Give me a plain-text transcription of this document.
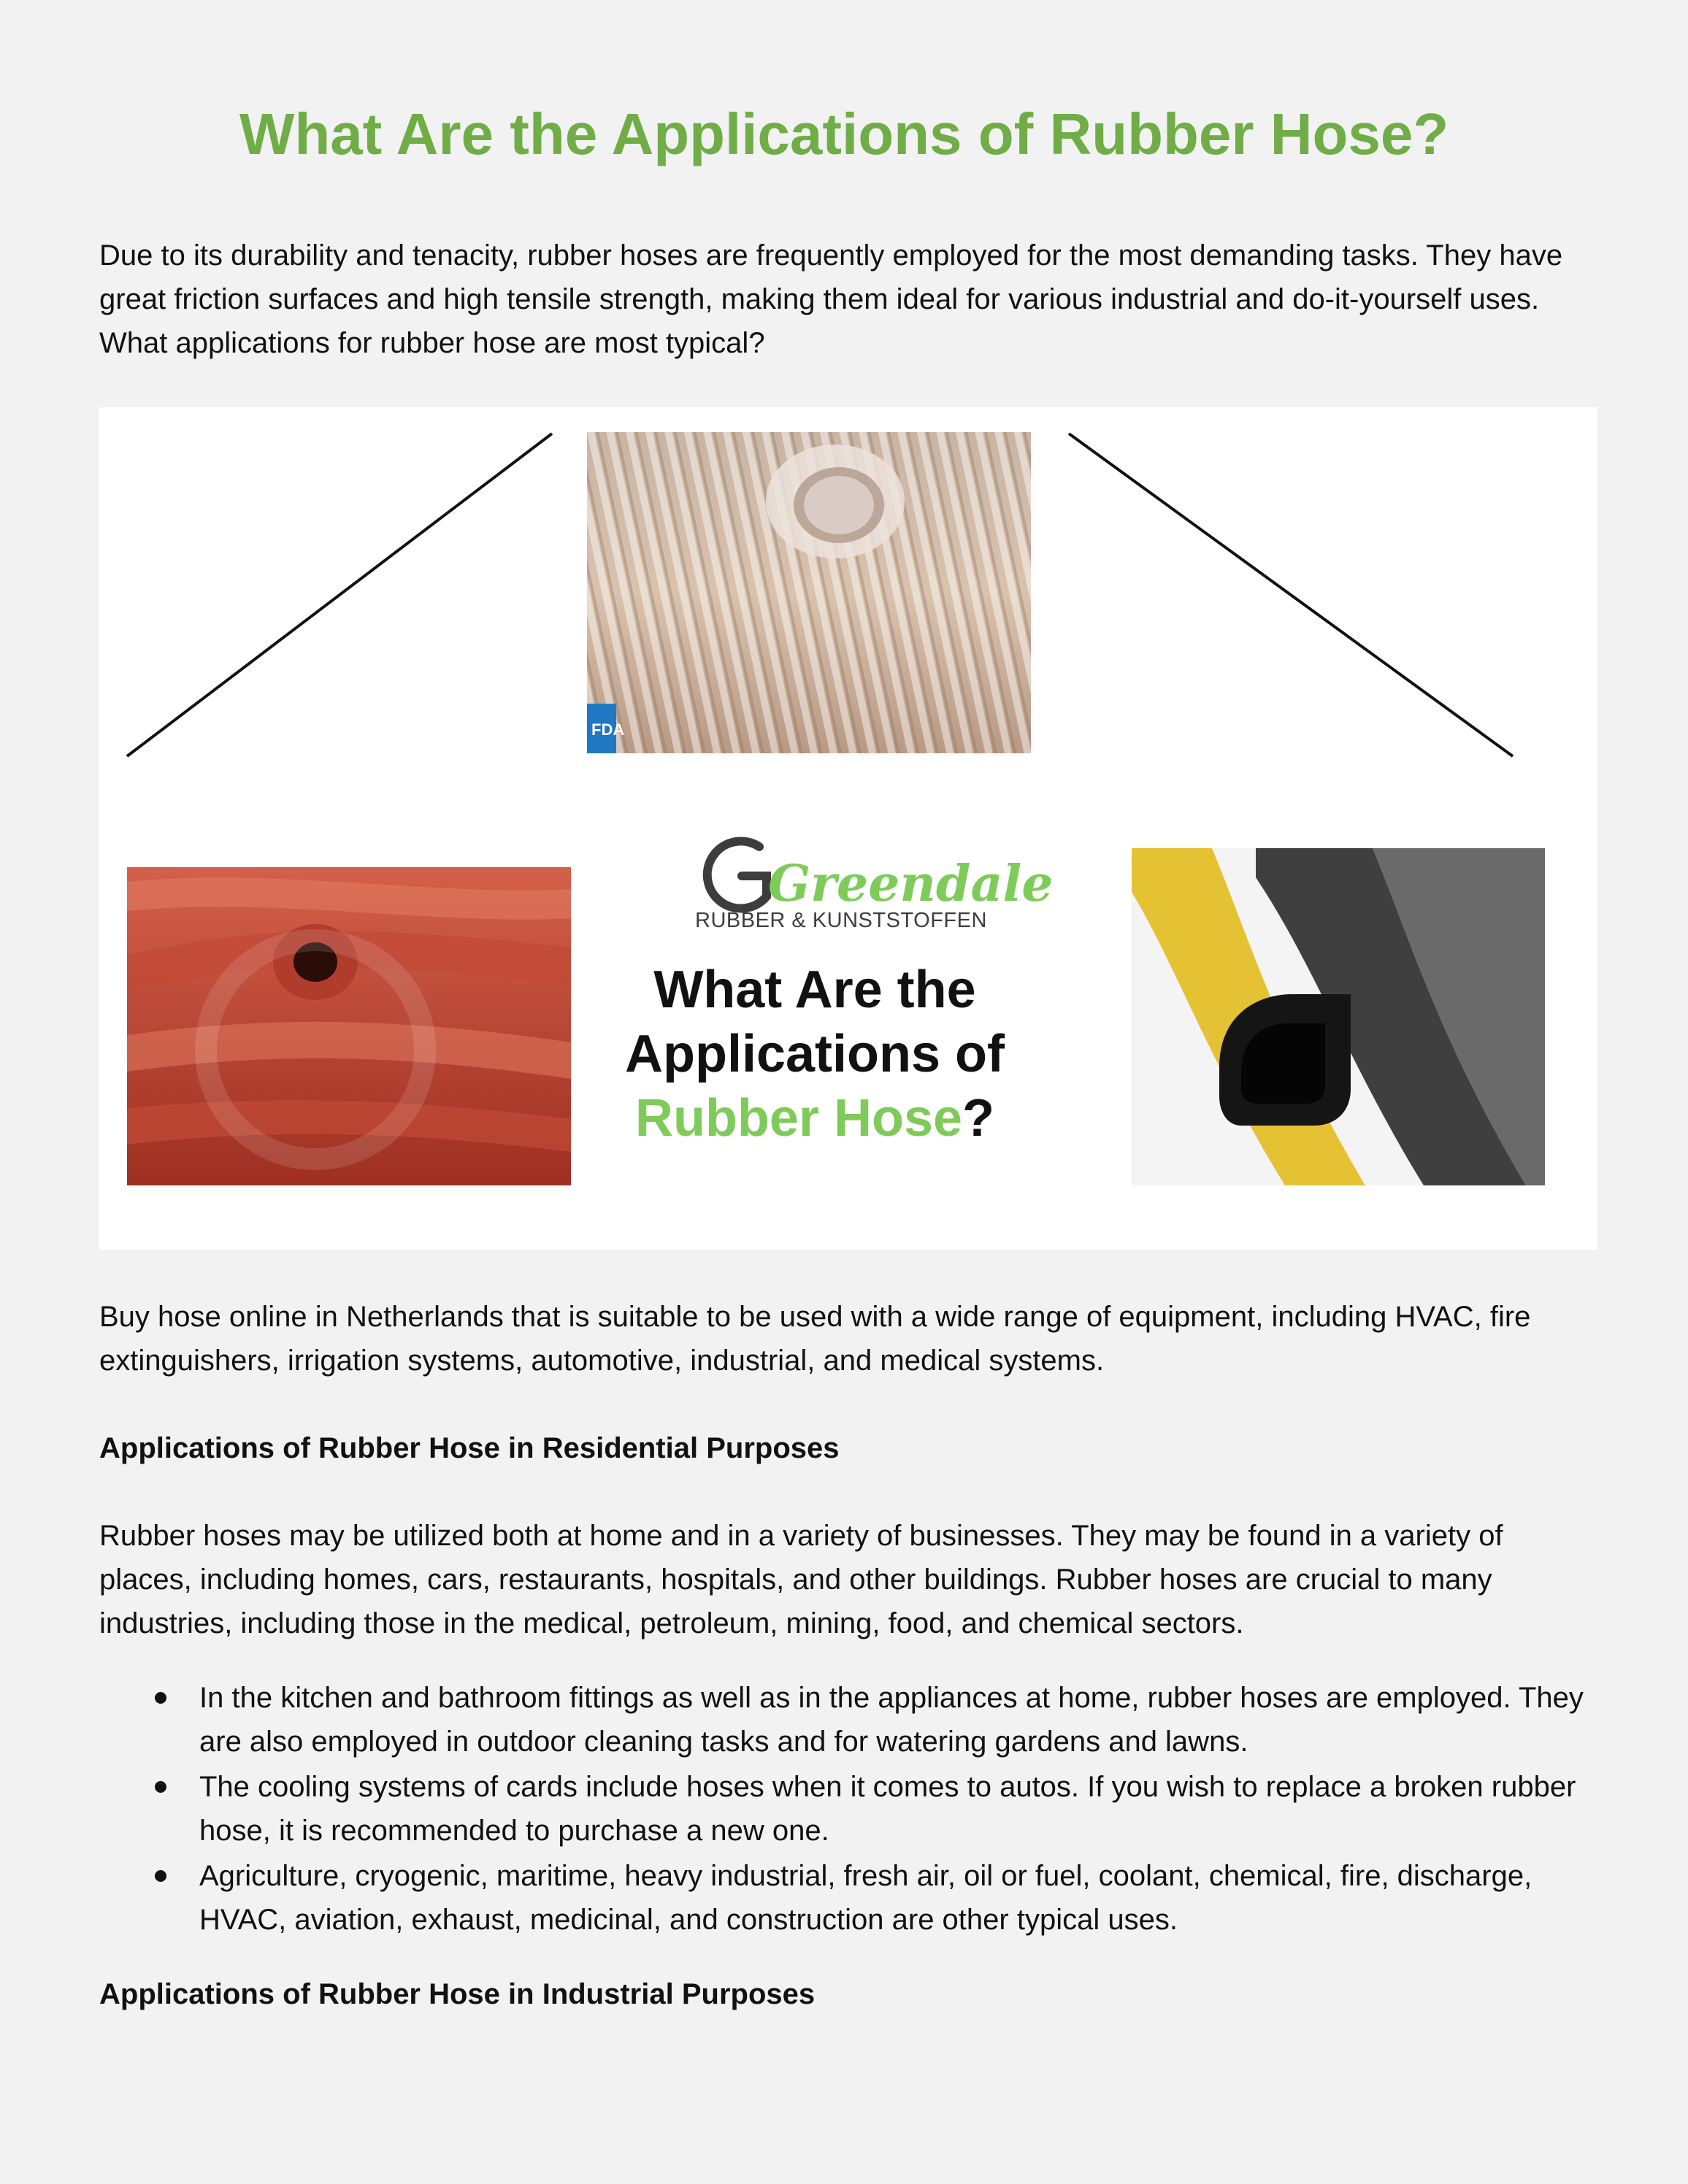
What Are the Applications of Rubber Hose?

Due to its durability and tenacity, rubber hoses are frequently employed for the most demanding tasks. They have great friction surfaces and high tensile strength, making them ideal for various industrial and do-it-yourself uses. What applications for rubber hose are most typical?

FDA
Greendale
RUBBER & KUNSTSTOFFEN
What Are the
Applications of
Rubber Hose?

Buy hose online in Netherlands that is suitable to be used with a wide range of equipment, including HVAC, fire extinguishers, irrigation systems, automotive, industrial, and medical systems.

Applications of Rubber Hose in Residential Purposes

Rubber hoses may be utilized both at home and in a variety of businesses. They may be found in a variety of places, including homes, cars, restaurants, hospitals, and other buildings. Rubber hoses are crucial to many industries, including those in the medical, petroleum, mining, food, and chemical sectors.

In the kitchen and bathroom fittings as well as in the appliances at home, rubber hoses are employed. They are also employed in outdoor cleaning tasks and for watering gardens and lawns.
The cooling systems of cards include hoses when it comes to autos. If you wish to replace a broken rubber hose, it is recommended to purchase a new one.
Agriculture, cryogenic, maritime, heavy industrial, fresh air, oil or fuel, coolant, chemical, fire, discharge, HVAC, aviation, exhaust, medicinal, and construction are other typical uses.
Applications of Rubber Hose in Industrial Purposes
